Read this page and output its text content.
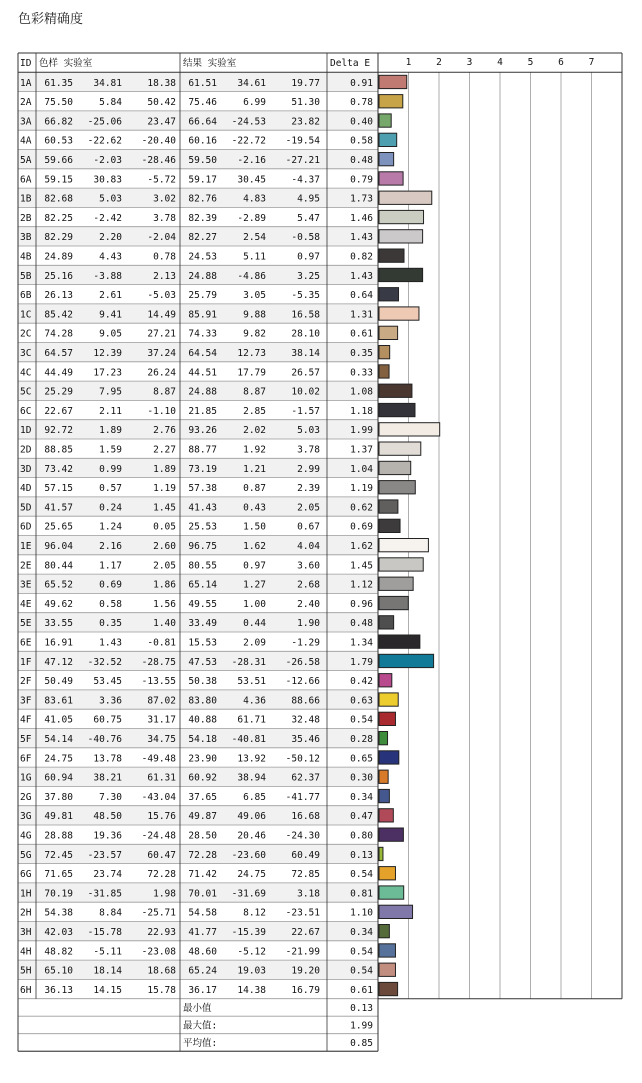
色彩精确度
1A 61.35 34.81	18.38 61.51 34.61	19.77	0.91
2A 75.50	5.84	50.42 75.46	6.99	51.30	0.78
3A 66.82 -25.06	23.47 66.64 -24.53	23.82	0.40
4A 60.53 -22.62 -20.40 60.16 -22.72 -19.54	0.58
5A 59.66 -2.03 -28.46 59.50 -2.16 -27.21	0.48
6A 59.15 30.83	-5.72 59.17 30.45	-4.37	0.79
1B 82.68	5.03	3.02 82.76	4.83	4.95	1.73
2B 82.25 -2.42	3.78 82.39 -2.89	5.47	1.46
3B 82.29	2.20	-2.04 82.27	2.54	-0.58	1.43
4B 24.89	4.43	0.78 24.53	5.11	0.97	0.82
5B 25.16 -3.88	2.13 24.88 -4.86	3.25	1.43
6B 26.13	2.61	-5.03 25.79	3.05	-5.35	0.64
1C 85.42	9.41	14.49 85.91	9.88	16.58	1.31
2C 74.28	9.05	27.21 74.33	9.82	28.10	0.61
3C 64.57 12.39	37.24 64.54 12.73	38.14	0.35
4C 44.49 17.23	26.24 44.51 17.79	26.57	0.33
5C 25.29	7.95	8.87 24.88	8.87	10.02	1.08
6C 22.67	2.11	-1.10 21.85	2.85	-1.57	1.18
1D 92.72	1.89	2.76 93.26	2.02	5.03	1.99
2D 88.85	1.59	2.27 88.77	1.92	3.78	1.37
3D 73.42	0.99	1.89 73.19	1.21	2.99	1.04
4D 57.15	0.57	1.19 57.38	0.87	2.39	1.19
5D 41.57	0.24	1.45 41.43	0.43	2.05	0.62
6D 25.65	1.24	0.05 25.53	1.50	0.67	0.69
1E 96.04	2.16	2.60 96.75	1.62	4.04	1.62
2E 80.44	1.17	2.05 80.55	0.97	3.60	1.45
3E 65.52	0.69	1.86 65.14	1.27	2.68	1.12
4E 49.62	0.58	1.56 49.55	1.00	2.40	0.96
5E 33.55	0.35	1.40 33.49	0.44	1.90	0.48
6E 16.91	1.43	-0.81 15.53	2.09	-1.29	1.34
1F 47.12 -32.52 -28.75 47.53 -28.31 -26.58	1.79
2F 50.49 53.45 -13.55 50.38 53.51 -12.66	0.42
3F 83.61	3.36	87.02 83.80	4.36	88.66	0.63
4F 41.05 60.75	31.17 40.88 61.71	32.48	0.54
5F 54.14 -40.76	34.75 54.18 -40.81	35.46	0.28
6F 24.75 13.78 -49.48 23.90 13.92 -50.12	0.65
1G 60.94 38.21	61.31 60.92 38.94	62.37	0.30
2G 37.80	7.30 -43.04 37.65	6.85 -41.77	0.34
3G 49.81 48.50	15.76 49.87 49.06	16.68	0.47
4G 28.88 19.36 -24.48 28.50 20.46 -24.30	0.80
5G 72.45 -23.57	60.47 72.28 -23.60	60.49	0.13
6G 71.65 23.74	72.28 71.42 24.75	72.85	0.54
1H 70.19 -31.85	1.98 70.01 -31.69	3.18	0.81
2H 54.38	8.84 -25.71 54.58	8.12 -23.51	1.10
3H 42.03 -15.78	22.93 41.77 -15.39	22.67	0.34
4H 48.82 -5.11 -23.08 48.60 -5.12 -21.99	0.54
5H 65.10 18.14	18.68 65.24 19.03	19.20	0.54
6H 36.13 14.15	15.78 36.17 14.38	16.79	0.61
ID 色样 实验室	结果 实验室	Delta E	1	2	3	4	5	6	7
最小值	0.13
最大值:	1.99
平均值:	0.85
